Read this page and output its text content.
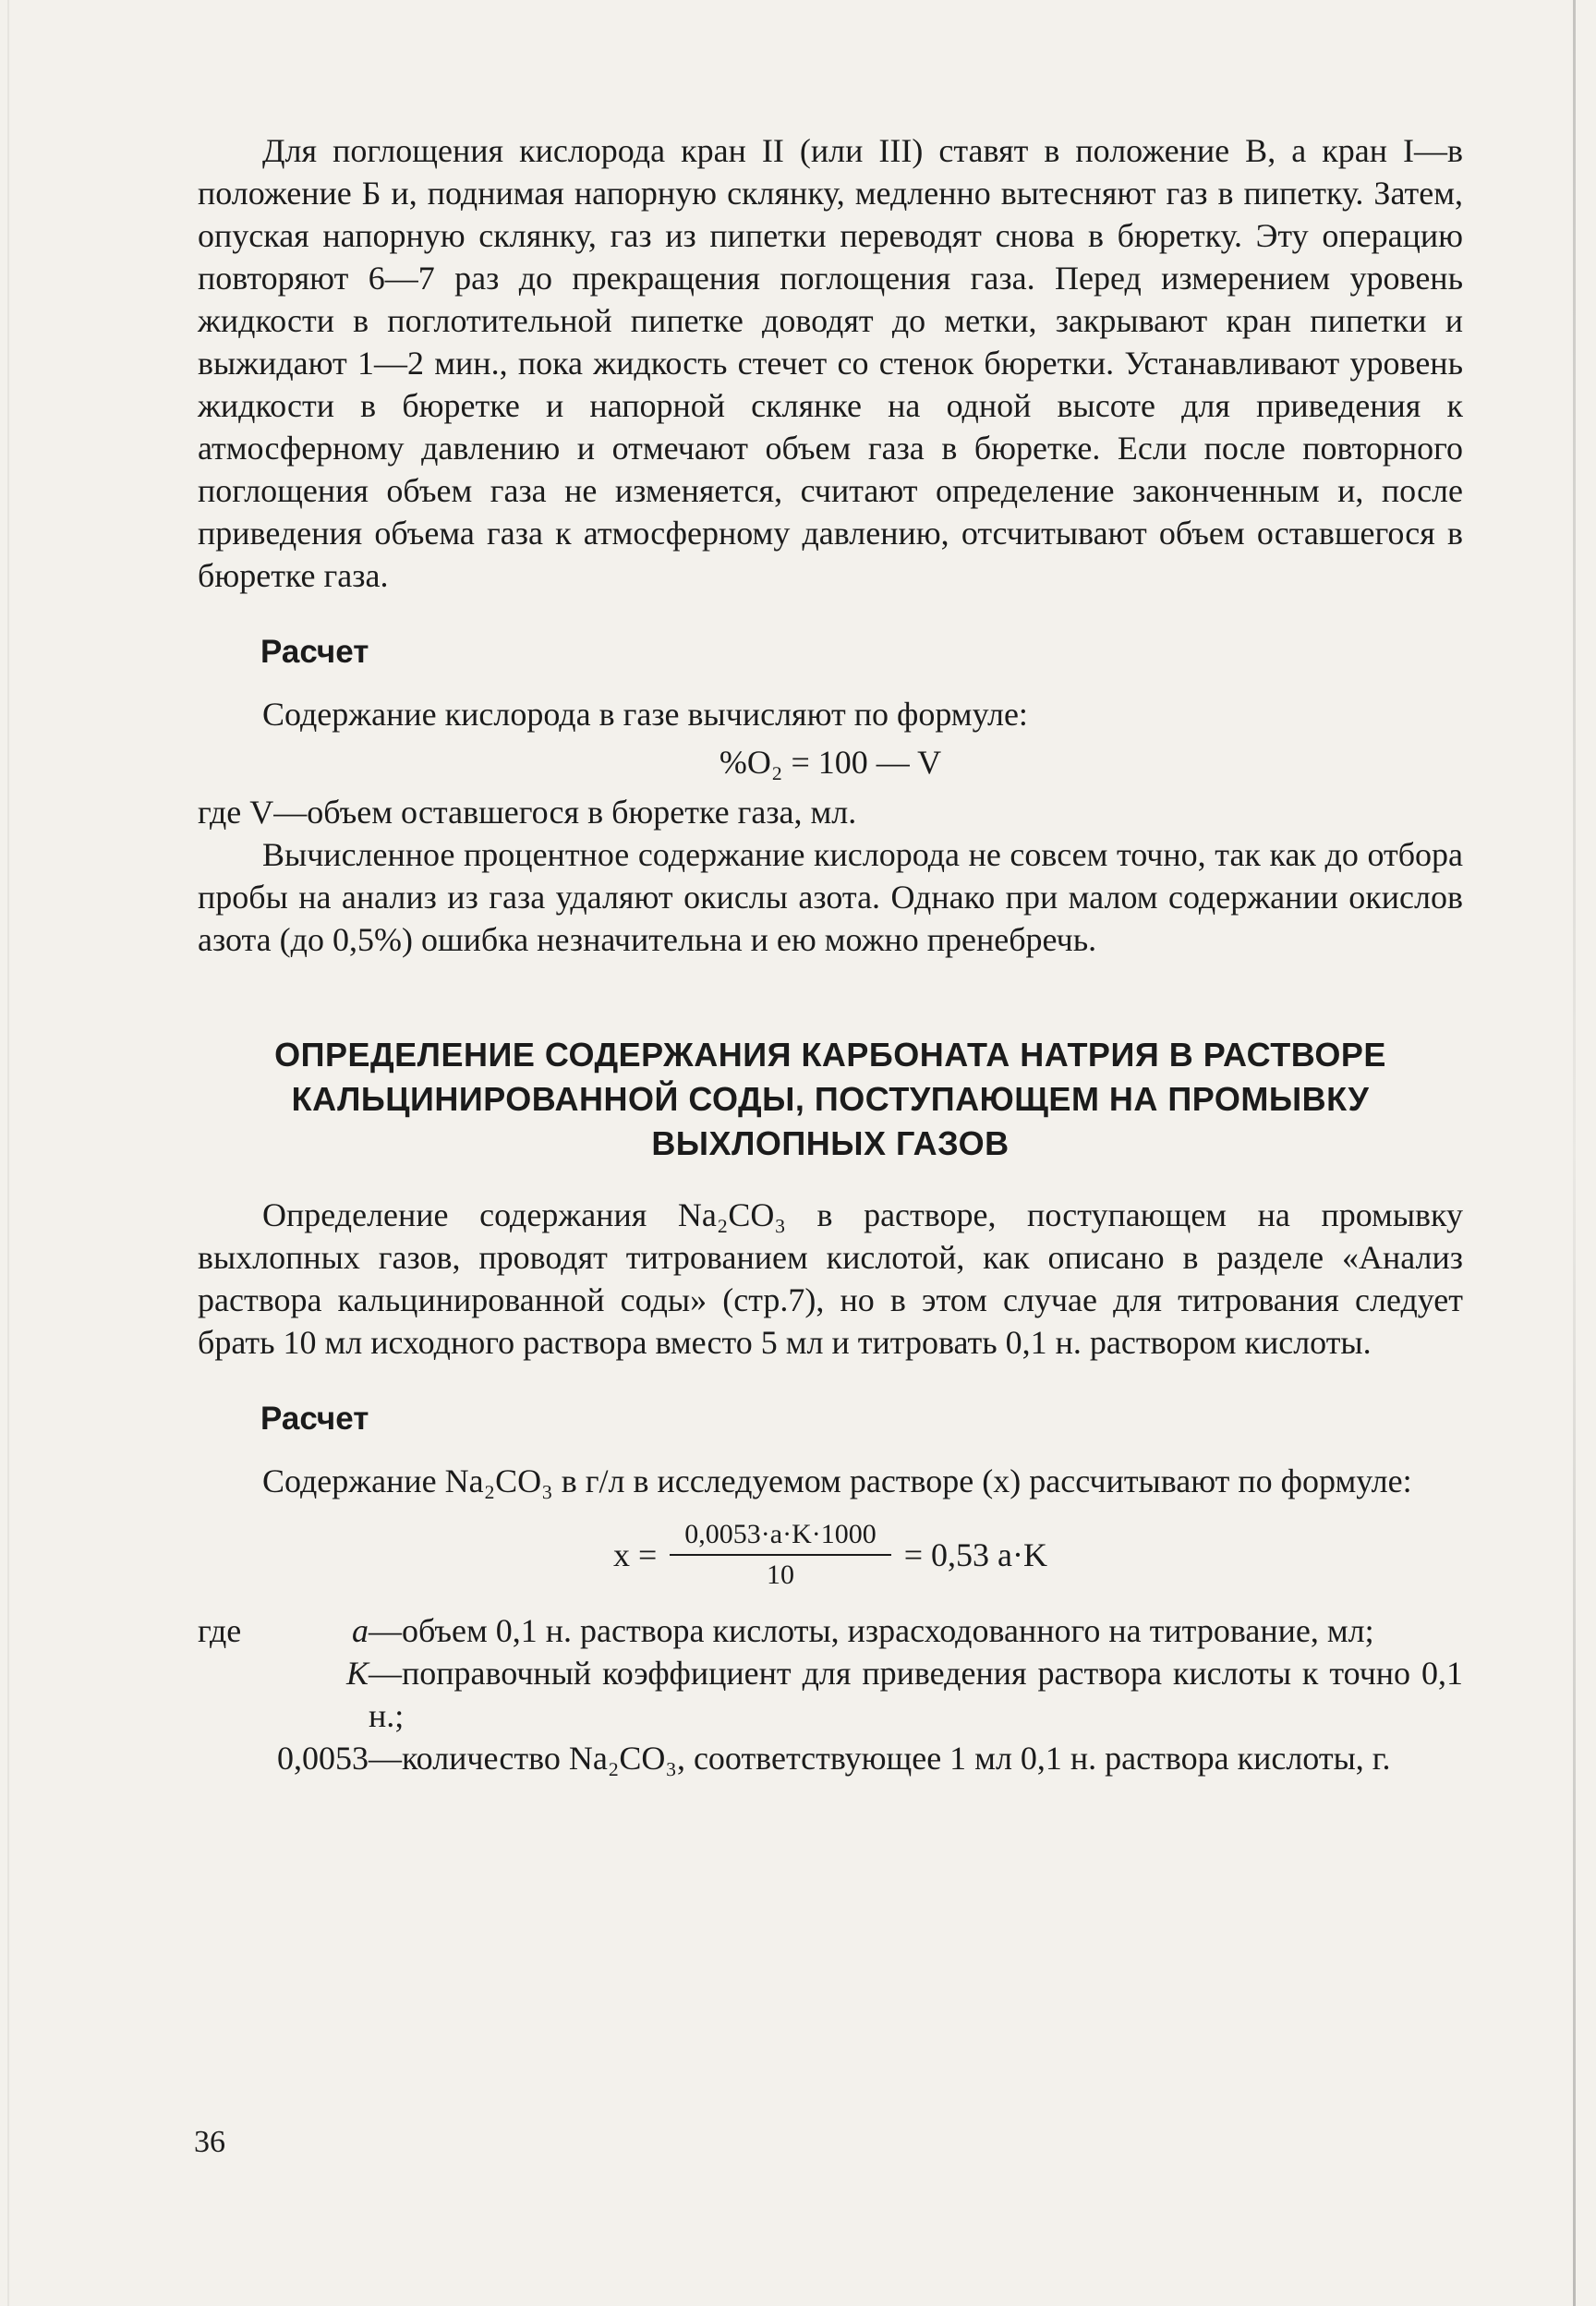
Для поглощения кислорода кран II (или III) ставят в положение В, а кран I—в положение Б и, поднимая напорную склянку, медленно вытесняют газ в пипетку. Затем, опуская напорную склянку, газ из пипетки переводят снова в бюретку. Эту операцию повторяют 6—7 раз до прекращения поглощения газа. Перед измерением уровень жидкости в поглотительной пипетке доводят до метки, закрывают кран пипетки и выжидают 1—2 мин., пока жидкость стечет со стенок бюретки. Устанавливают уровень жидкости в бюретке и напорной склянке на одной высоте для приведения к атмосферному давлению и отмечают объем газа в бюретке. Если после повторного поглощения объем газа не изменяется, считают определение законченным и, после приведения объема газа к атмосферному давлению, отсчитывают объем оставшегося в бюретке газа.

Расчет

Содержание кислорода в газе вычисляют по формуле:

%O₂ = 100 — V

где V—объем оставшегося в бюретке газа, мл.

Вычисленное процентное содержание кислорода не совсем точно, так как до отбора пробы на анализ из газа удаляют окислы азота. Однако при малом содержании окислов азота (до 0,5%) ошибка незначительна и ею можно пренебречь.

ОПРЕДЕЛЕНИЕ СОДЕРЖАНИЯ КАРБОНАТА НАТРИЯ В РАСТВОРЕ КАЛЬЦИНИРОВАННОЙ СОДЫ, ПОСТУПАЮЩЕМ НА ПРОМЫВКУ ВЫХЛОПНЫХ ГАЗОВ

Определение содержания Na₂CO₃ в растворе, поступающем на промывку выхлопных газов, проводят титрованием кислотой, как описано в разделе «Анализ раствора кальцинированной соды» (стр.7), но в этом случае для титрования следует брать 10 мл исходного раствора вместо 5 мл и титровать 0,1 н. раствором кислоты.

Расчет

Содержание Na₂CO₃ в г/л в исследуемом растворе (x) рассчитывают по формуле:

$x = \frac{0,0053\cdot a\cdot K\cdot 1000}{10} = 0,53$ a·K
где	a —объем 0,1 н. раствора кислоты, израсходованного на титрование, мл;
K —поправочный коэффициент для приведения раствора кислоты к точно 0,1 н.;
0,0053 —количество Na₂CO₃, соответствующее 1 мл 0,1 н. раствора кислоты, г.
36
